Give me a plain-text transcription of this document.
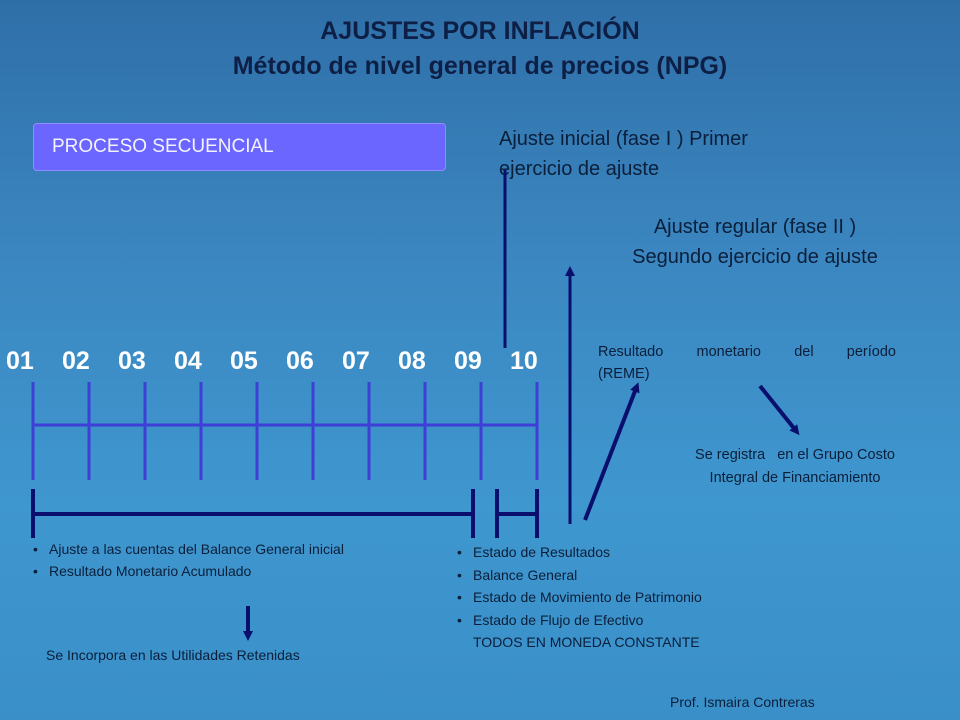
AJUSTES POR INFLACIÓN
Método de nivel general de precios (NPG)
PROCESO SECUENCIAL	Ajuste inicial (fase I ) Primer
ejercicio de ajuste
Ajuste regular (fase II )
Segundo ejercicio de ajuste
01 02 03 04 05 06 07 08 09 10	Resultado monetario del período
(REME)
Se registra   en el Grupo Costo
Integral de Financiamiento
• Ajuste a las cuentas del Balance General inicial
• Resultado Monetario Acumulado
Se Incorpora en las Utilidades Retenidas
• Estado de Resultados
• Balance General
• Estado de Movimiento de Patrimonio
• Estado de Flujo de Efectivo
TODOS EN MONEDA CONSTANTE
Prof. Ismaira Contreras
